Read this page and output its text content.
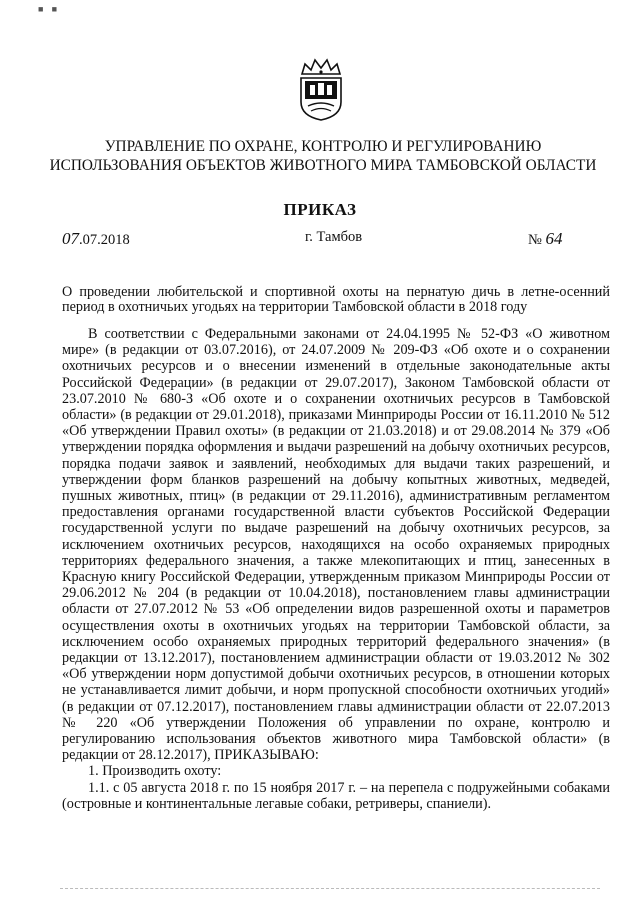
■ ■
УПРАВЛЕНИЕ ПО ОХРАНЕ, КОНТРОЛЮ И РЕГУЛИРОВАНИЮ
ИСПОЛЬЗОВАНИЯ ОБЪЕКТОВ ЖИВОТНОГО МИРА ТАМБОВСКОЙ ОБЛАСТИ
ПРИКАЗ
07.07.2018	г. Тамбов	№ 64
О проведении любительской и спортивной охоты на пернатую дичь в летне-осенний период в охотничьих угодьях на территории Тамбовской области в 2018 году

В соответствии с Федеральными законами от 24.04.1995 № 52-ФЗ «О животном мире» (в редакции от 03.07.2016), от 24.07.2009 № 209-ФЗ «Об охоте и о сохранении охотничьих ресурсов и о внесении изменений в отдельные законодательные акты Российской Федерации» (в редакции от 29.07.2017), Законом Тамбовской области от 23.07.2010 № 680-З «Об охоте и о сохранении охотничьих ресурсов в Тамбовской области» (в редакции от 29.01.2018), приказами Минприроды России от 16.11.2010 № 512 «Об утверждении Правил охоты» (в редакции от 21.03.2018) и от 29.08.2014 № 379 «Об утверждении порядка оформления и выдачи разрешений на добычу охотничьих ресурсов, порядка подачи заявок и заявлений, необходимых для выдачи таких разрешений, и утверждении форм бланков разрешений на добычу копытных животных, медведей, пушных животных, птиц» (в редакции от 29.11.2016), административным регламентом предоставления органами государственной власти субъектов Российской Федерации государственной услуги по выдаче разрешений на добычу охотничьих ресурсов, за исключением охотничьих ресурсов, находящихся на особо охраняемых природных территориях федерального значения, а также млекопитающих и птиц, занесенных в Красную книгу Российской Федерации, утвержденным приказом Минприроды России от 29.06.2012 № 204 (в редакции от 10.04.2018), постановлением главы администрации области от 27.07.2012 № 53 «Об определении видов разрешенной охоты и параметров осуществления охоты в охотничьих угодьях на территории Тамбовской области, за исключением особо охраняемых природных территорий федерального значения» (в редакции от 13.12.2017), постановлением администрации области от 19.03.2012 № 302 «Об утверждении норм допустимой добычи охотничьих ресурсов, в отношении которых не устанавливается лимит добычи, и норм пропускной способности охотничьих угодий» (в редакции от 07.12.2017), постановлением главы администрации области от 22.07.2013 № 220 «Об утверждении Положения об управлении по охране, контролю и регулированию использования объектов животного мира Тамбовской области» (в редакции от 28.12.2017), ПРИКАЗЫВАЮ:

1. Производить охоту:

1.1. с 05 августа 2018 г. по 15 ноября 2017 г. – на перепела с подружейными собаками (островные и континентальные легавые собаки, ретриверы, спаниели).
